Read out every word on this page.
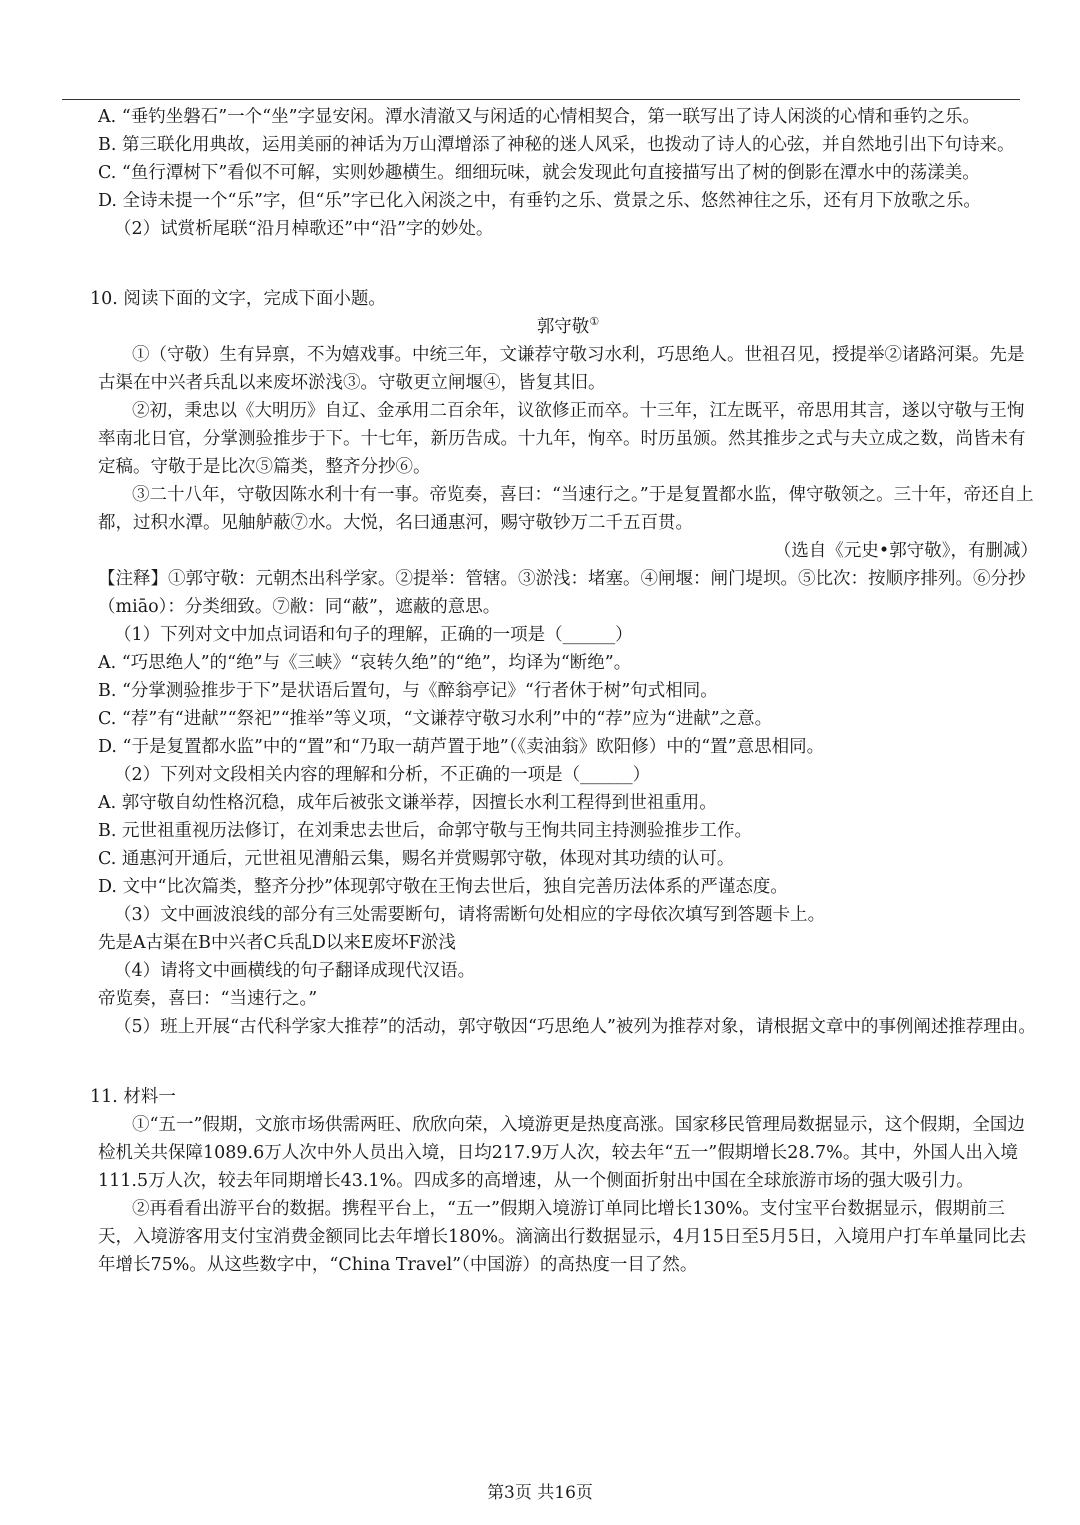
A. “垂钓坐磐石”一个“坐”字显安闲。潭水清澈又与闲适的心情相契合，第一联写出了诗人闲淡的心情和垂钓之乐。

B. 第三联化用典故，运用美丽的神话为万山潭增添了神秘的迷人风采，也拨动了诗人的心弦，并自然地引出下句诗来。

C. “鱼行潭树下”看似不可解，实则妙趣横生。细细玩味，就会发现此句直接描写出了树的倒影在潭水中的荡漾美。

D. 全诗未提一个“乐”字，但“乐”字已化入闲淡之中，有垂钓之乐、赏景之乐、悠然神往之乐，还有月下放歌之乐。

（2）试赏析尾联“沿月棹歌还”中“沿”字的妙处。

10. 阅读下面的文字，完成下面小题。

郭守敬①

①（守敬）生有异禀，不为嬉戏事。中统三年，文谦荐守敬习水利，巧思绝人。世祖召见，授提举②诸路河渠。先是古渠在中兴者兵乱以来废坏淤浅③。守敬更立闸堰④，皆复其旧。

②初，秉忠以《大明历》自辽、金承用二百余年，议欲修正而卒。十三年，江左既平，帝思用其言，遂以守敬与王恂率南北日官，分掌测验推步于下。十七年，新历告成。十九年，恂卒。时历虽颁。然其推步之式与夫立成之数，尚皆未有定稿。守敬于是比次⑤篇类，整齐分抄⑥。

③二十八年，守敬因陈水利十有一事。帝览奏，喜曰：“当速行之。”于是复置都水监，俾守敬领之。三十年，帝还自上都，过积水潭。见舳舻蔽⑦水。大悦，名曰通惠河，赐守敬钞万二千五百贯。

（选自《元史•郭守敬》，有删减）

【注释】①郭守敬：元朝杰出科学家。②提举：管辖。③淤浅：堵塞。④闸堰：闸门堤坝。⑤比次：按顺序排列。⑥分抄（miāo）：分类细致。⑦敝：同“蔽”，遮蔽的意思。

（1）下列对文中加点词语和句子的理解，正确的一项是（______）

A. “巧思绝人”的“绝”与《三峡》“哀转久绝”的“绝”，均译为“断绝”。

B. “分掌测验推步于下”是状语后置句，与《醉翁亭记》“行者休于树”句式相同。

C. “荐”有“进献”“祭祀”“推举”等义项，“文谦荐守敬习水利”中的“荐”应为“进献”之意。

D. “于是复置都水监”中的“置”和“乃取一葫芦置于地”（《卖油翁》欧阳修）中的“置”意思相同。

（2）下列对文段相关内容的理解和分析，不正确的一项是（______）

A. 郭守敬自幼性格沉稳，成年后被张文谦举荐，因擅长水利工程得到世祖重用。

B. 元世祖重视历法修订，在刘秉忠去世后，命郭守敬与王恂共同主持测验推步工作。

C. 通惠河开通后，元世祖见漕船云集，赐名并赏赐郭守敬，体现对其功绩的认可。

D. 文中“比次篇类，整齐分抄”体现郭守敬在王恂去世后，独自完善历法体系的严谨态度。

（3）文中画波浪线的部分有三处需要断句，请将需断句处相应的字母依次填写到答题卡上。

先是A古渠在B中兴者C兵乱D以来E废坏F淤浅

（4）请将文中画横线的句子翻译成现代汉语。

帝览奏，喜曰：“当速行之。”

（5）班上开展“古代科学家大推荐”的活动，郭守敬因“巧思绝人”被列为推荐对象，请根据文章中的事例阐述推荐理由。

11. 材料一

①“五一”假期，文旅市场供需两旺、欣欣向荣，入境游更是热度高涨。国家移民管理局数据显示，这个假期，全国边检机关共保障1089.6万人次中外人员出入境，日均217.9万人次，较去年“五一”假期增长28.7%。其中，外国人出入境111.5万人次，较去年同期增长43.1%。四成多的高增速，从一个侧面折射出中国在全球旅游市场的强大吸引力。

②再看看出游平台的数据。携程平台上，“五一”假期入境游订单同比增长130%。支付宝平台数据显示，假期前三天，入境游客用支付宝消费金额同比去年增长180%。滴滴出行数据显示，4月15日至5月5日，入境用户打车单量同比去年增长75%。从这些数字中，“China Travel”（中国游）的高热度一目了然。

第3页 共16页
